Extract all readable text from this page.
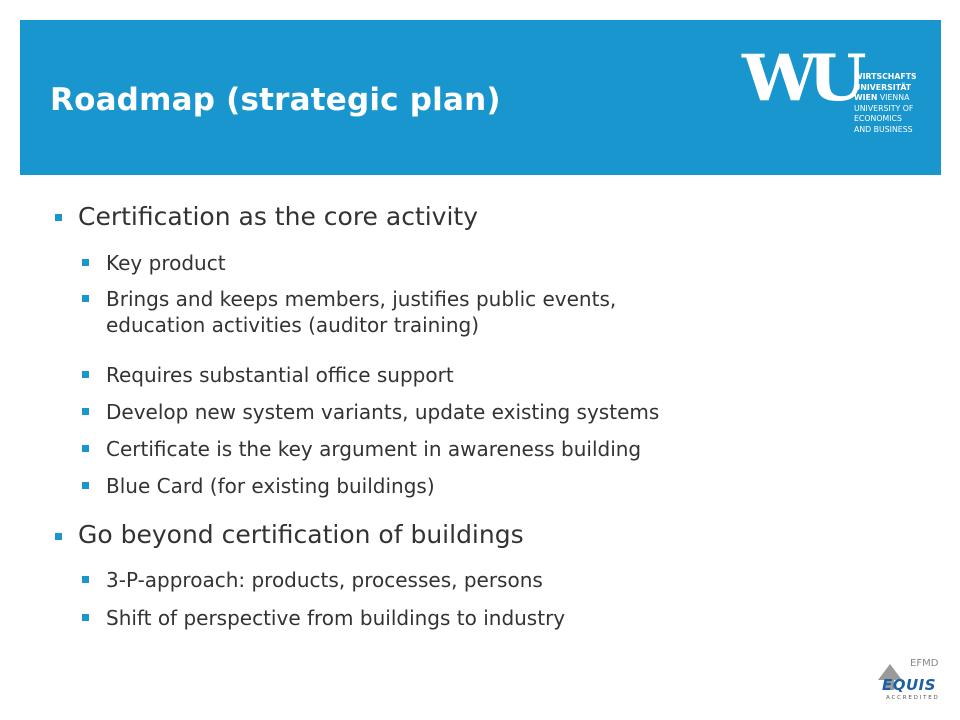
Roadmap (strategic plan)	WU
WIRTSCHAFTS
UNIVERSITÄT
WIEN VIENNA
UNIVERSITY OF
ECONOMICS
AND BUSINESS
Certification as the core activity
Key product
Brings and keeps members, justifies public events,
education activities (auditor training)
Requires substantial office support
Develop new system variants, update existing systems
Certificate is the key argument in awareness building
Blue Card (for existing buildings)
Go beyond certification of buildings
3-P-approach: products, processes, persons
Shift of perspective from buildings to industry
EFMD
EQUIS
ACCREDITED
